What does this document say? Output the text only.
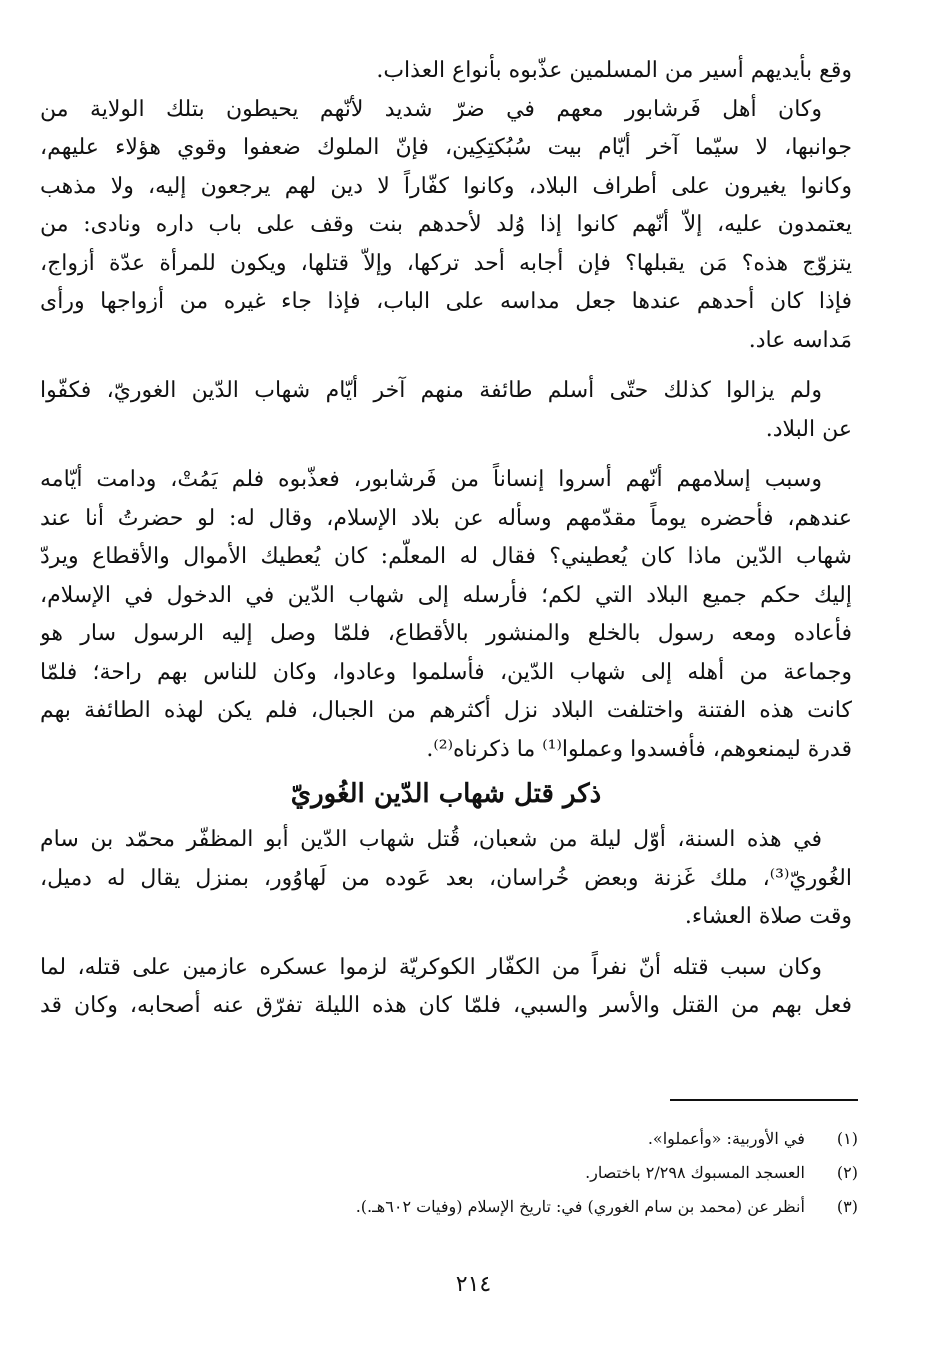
وقع بأيديهم أسير من المسلمين عذّبوه بأنواع العذاب.
وكان أهل فَرشابور معهم في ضرّ شديد لأنّهم يحيطون بتلك الولاية من
جوانبها، لا سيّما آخر أيّام بيت سُبُكتِكِين، فإنّ الملوك ضعفوا وقوي هؤلاء عليهم،
وكانوا يغيرون على أطراف البلاد، وكانوا كفّاراً لا دين لهم يرجعون إليه، ولا مذهب
يعتمدون عليه، إلاّ أنّهم كانوا إذا وُلد لأحدهم بنت وقف على باب داره ونادى: من
يتزوّج هذه؟ مَن يقبلها؟ فإن أجابه أحد تركها، وإلاّ قتلها، ويكون للمرأة عدّة أزواج،
فإذا كان أحدهم عندها جعل مداسه على الباب، فإذا جاء غيره من أزواجها ورأى
مَداسه عاد.
ولم يزالوا كذلك حتّى أسلم طائفة منهم آخر أيّام شهاب الدّين الغوريّ، فكفّوا
عن البلاد.
وسبب إسلامهم أنّهم أسروا إنساناً من فَرشابور، فعذّبوه فلم يَمُتْ، ودامت أيّامه
عندهم، فأحضره يوماً مقدّمهم وسأله عن بلاد الإسلام، وقال له: لو حضرتُ أنا عند
شهاب الدّين ماذا كان يُعطيني؟ فقال له المعلّم: كان يُعطيك الأموال والأقطاع ويردّ
إليك حكم جميع البلاد التي لكم؛ فأرسله إلى شهاب الدّين في الدخول في الإسلام،
فأعاده ومعه رسول بالخلع والمنشور بالأقطاع، فلمّا وصل إليه الرسول سار هو
وجماعة من أهله إلى شهاب الدّين، فأسلموا وعادوا، وكان للناس بهم راحة؛ فلمّا
كانت هذه الفتنة واختلفت البلاد نزل أكثرهم من الجبال، فلم يكن لهذه الطائفة بهم
قدرة ليمنعوهم، فأفسدوا وعملوا⁽¹⁾ ما ذكرناه⁽²⁾.
ذكر قتل شهاب الدّين الغُوريّ
في هذه السنة، أوّل ليلة من شعبان، قُتل شهاب الدّين أبو المظفّر محمّد بن سام
الغُوريّ⁽³⁾، ملك غَزنة وبعض خُراسان، بعد عَوده من لَهاوُور، بمنزل يقال له دميل،
وقت صلاة العشاء.
وكان سبب قتله أنّ نفراً من الكفّار الكوكريّة لزموا عسكره عازمين على قتله، لما
فعل بهم من القتل والأسر والسبي، فلمّا كان هذه الليلة تفرّق عنه أصحابه، وكان قد
(١) في الأوربية: «وأعملوا».
(٢) العسجد المسبوك ٢/٢٩٨ باختصار.
(٣) أنظر عن (محمد بن سام الغوري) في: تاريخ الإسلام (وفيات ٦٠٢هـ.).
٢١٤
